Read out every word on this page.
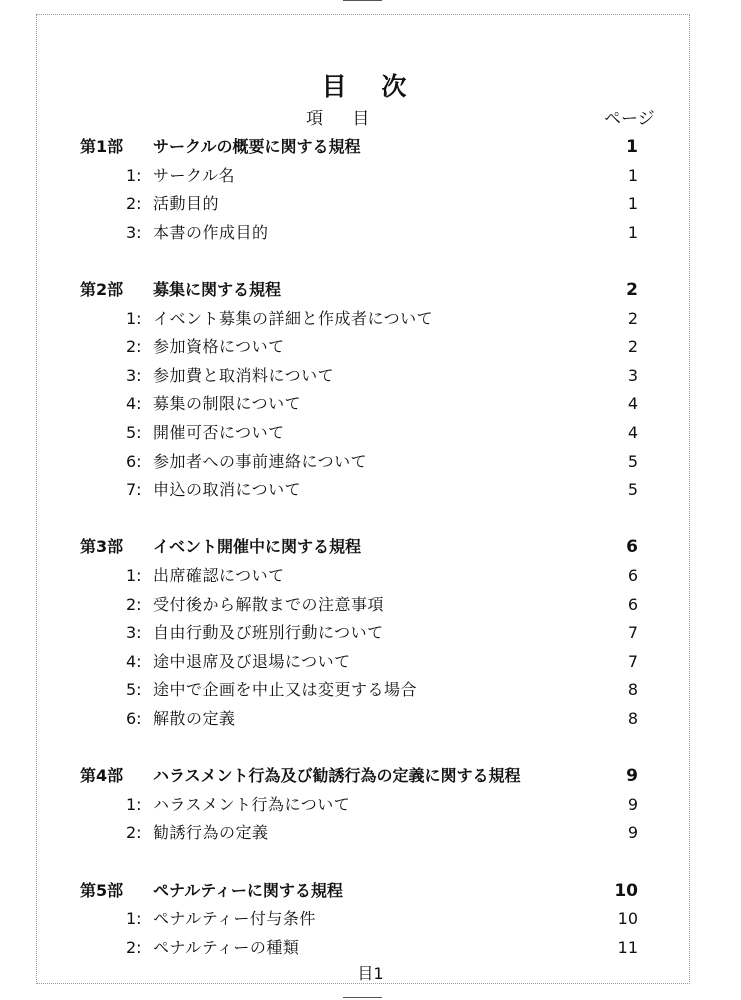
目 次
項 目	ページ
第1部 サークルの概要に関する規程	1
1: サークル名	1
2: 活動目的	1
3: 本書の作成目的	1
第2部 募集に関する規程	2
1: イベント募集の詳細と作成者について	2
2: 参加資格について	2
3: 参加費と取消料について	3
4: 募集の制限について	4
5: 開催可否について	4
6: 参加者への事前連絡について	5
7: 申込の取消について	5
第3部 イベント開催中に関する規程	6
1: 出席確認について	6
2: 受付後から解散までの注意事項	6
3: 自由行動及び班別行動について	7
4: 途中退席及び退場について	7
5: 途中で企画を中止又は変更する場合	8
6: 解散の定義	8
第4部 ハラスメント行為及び勧誘行為の定義に関する規程	9
1: ハラスメント行為について	9
2: 勧誘行為の定義	9
第5部 ペナルティーに関する規程	10
1: ペナルティー付与条件	10
2: ペナルティーの種類	11
目1
